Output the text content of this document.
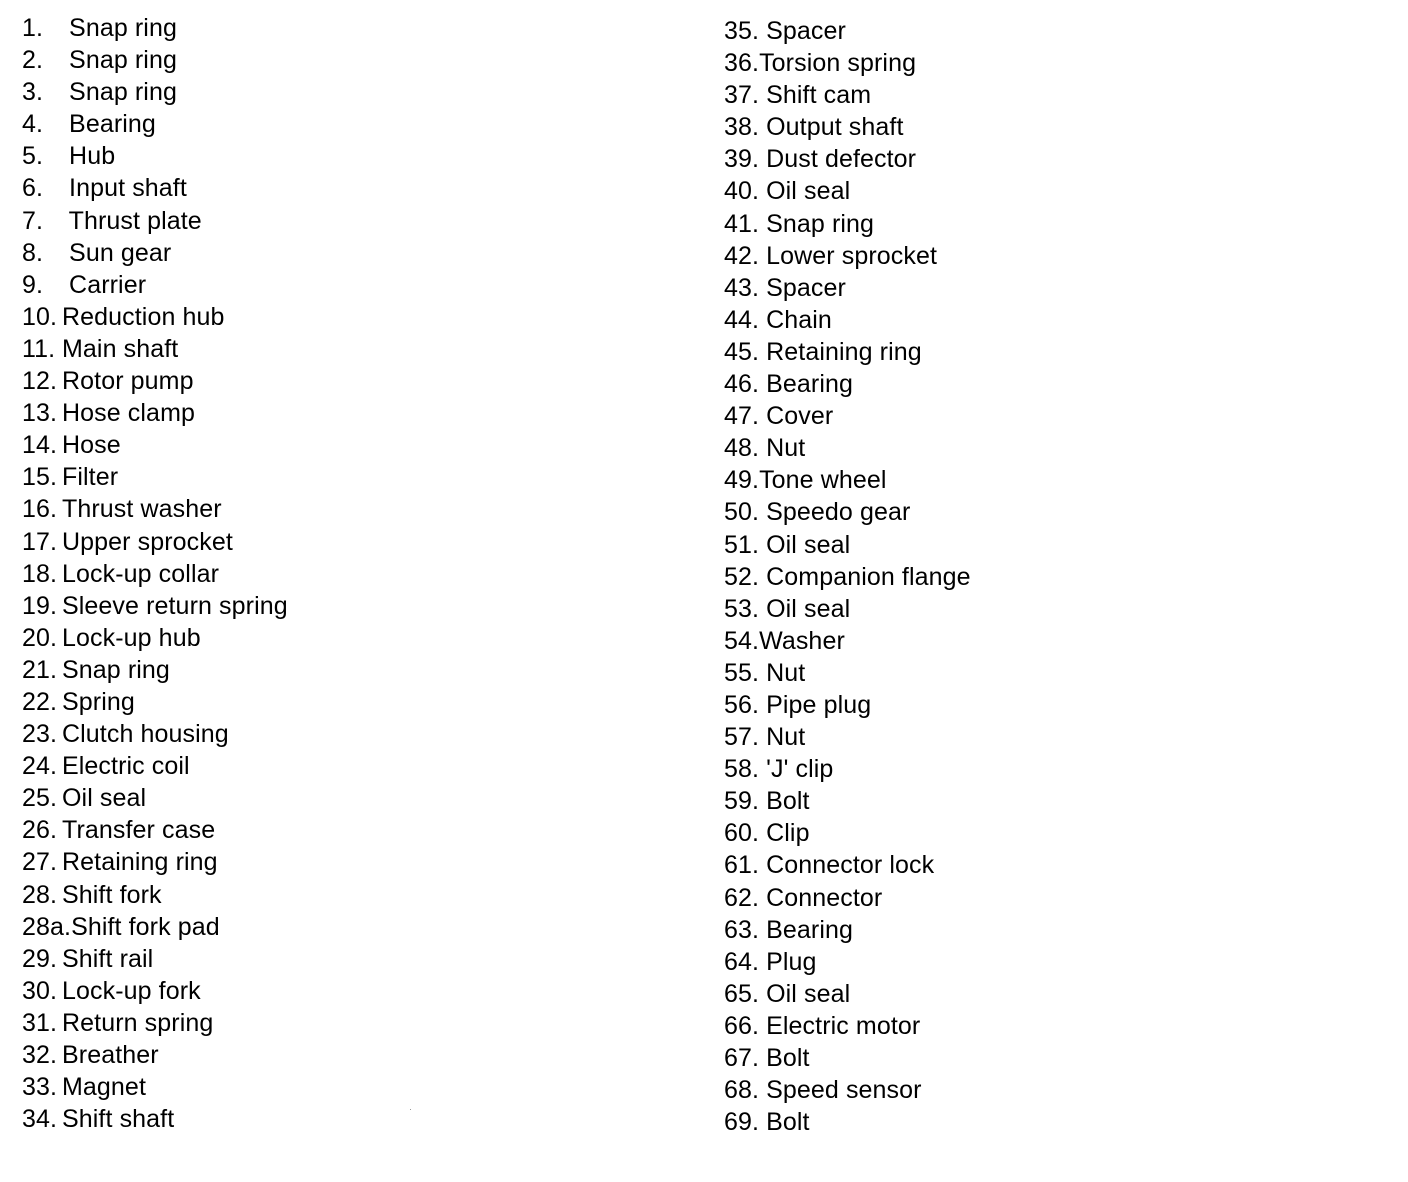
1. Snap ring
2. Snap ring
3. Snap ring
4. Bearing
5. Hub
6. Input shaft
7. Thrust plate
8. Sun gear
9. Carrier
10. Reduction hub
11. Main shaft
12. Rotor pump
13. Hose clamp
14. Hose
15. Filter
16. Thrust washer
17. Upper sprocket
18. Lock-up collar
19. Sleeve return spring
20. Lock-up hub
21. Snap ring
22. Spring
23. Clutch housing
24. Electric coil
25. Oil seal
26. Transfer case
27. Retaining ring
28. Shift fork
28a.Shift fork pad
29. Shift rail
30. Lock-up fork
31. Return spring
32. Breather
33. Magnet
34. Shift shaft
35. Spacer
36.Torsion spring
37. Shift cam
38. Output shaft
39. Dust defector
40. Oil seal
41. Snap ring
42. Lower sprocket
43. Spacer
44. Chain
45. Retaining ring
46. Bearing
47. Cover
48. Nut
49.Tone wheel
50. Speedo gear
51. Oil seal
52. Companion flange
53. Oil seal
54.Washer
55. Nut
56. Pipe plug
57. Nut
58. 'J' clip
59. Bolt
60. Clip
61. Connector lock
62. Connector
63. Bearing
64. Plug
65. Oil seal
66. Electric motor
67. Bolt
68. Speed sensor
69. Bolt
